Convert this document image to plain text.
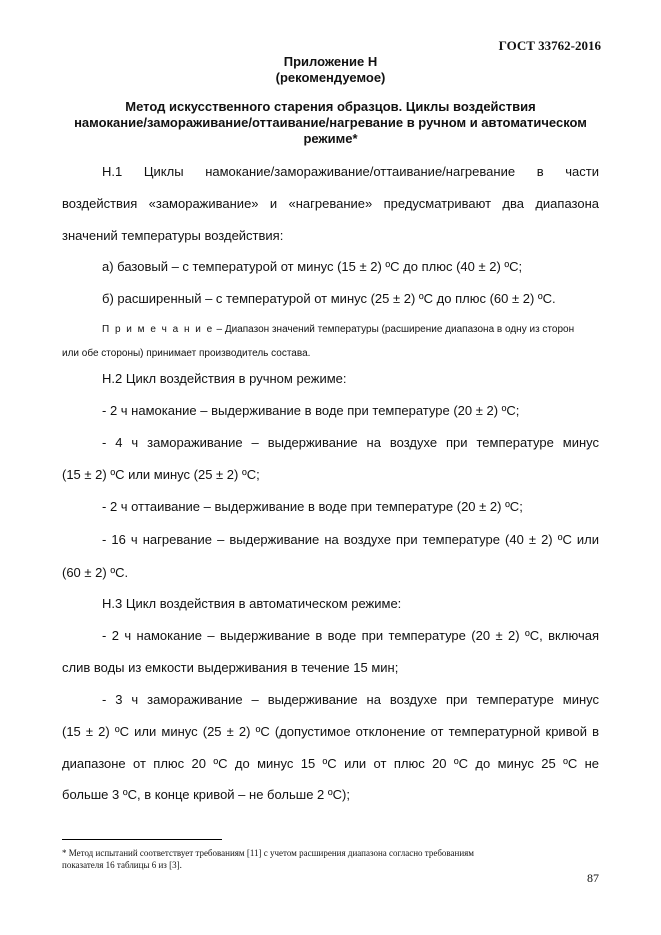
ГОСТ 33762-2016
Приложение Н
(рекомендуемое)
Метод искусственного старения образцов. Циклы воздействия
намокание/замораживание/оттаивание/нагревание в ручном и автоматическом
режиме*
Н.1 Циклы намокание/замораживание/оттаивание/нагревание в части
воздействия «замораживание» и «нагревание» предусматривают два диапазона
значений температуры воздействия:
а) базовый – с температурой от минус (15 ± 2) ºС до плюс (40 ± 2) ºС;
б) расширенный – с температурой от минус (25 ± 2) ºС до плюс (60 ± 2) ºС.
П р и м е ч а н и е – Диапазон значений температуры (расширение диапазона в одну из сторон
или обе стороны) принимает производитель состава.
Н.2 Цикл воздействия в ручном режиме:
- 2 ч намокание – выдерживание в воде при температуре (20 ± 2) ºС;
- 4 ч замораживание – выдерживание на воздухе при температуре минус
(15 ± 2) ºС или минус (25 ± 2) ºС;
- 2 ч оттаивание – выдерживание в воде при температуре (20 ± 2) ºС;
- 16 ч нагревание – выдерживание на воздухе при температуре (40 ± 2) ºС или
(60 ± 2) ºС.
Н.3 Цикл воздействия в автоматическом режиме:
- 2 ч намокание – выдерживание в воде при температуре (20 ± 2) ºС, включая
слив воды из емкости выдерживания в течение 15 мин;
- 3 ч замораживание – выдерживание на воздухе при температуре минус
(15 ± 2) ºС или минус (25 ± 2) ºС (допустимое отклонение от температурной кривой в
диапазоне от плюс 20 ºС до минус 15 ºС или от плюс 20 ºС до минус 25 ºС не
больше 3 ºС, в конце кривой – не больше 2 ºС);
* Метод испытаний соответствует требованиям [11] с учетом расширения диапазона согласно требованиям
показателя 16 таблицы 6 из [3].
87
